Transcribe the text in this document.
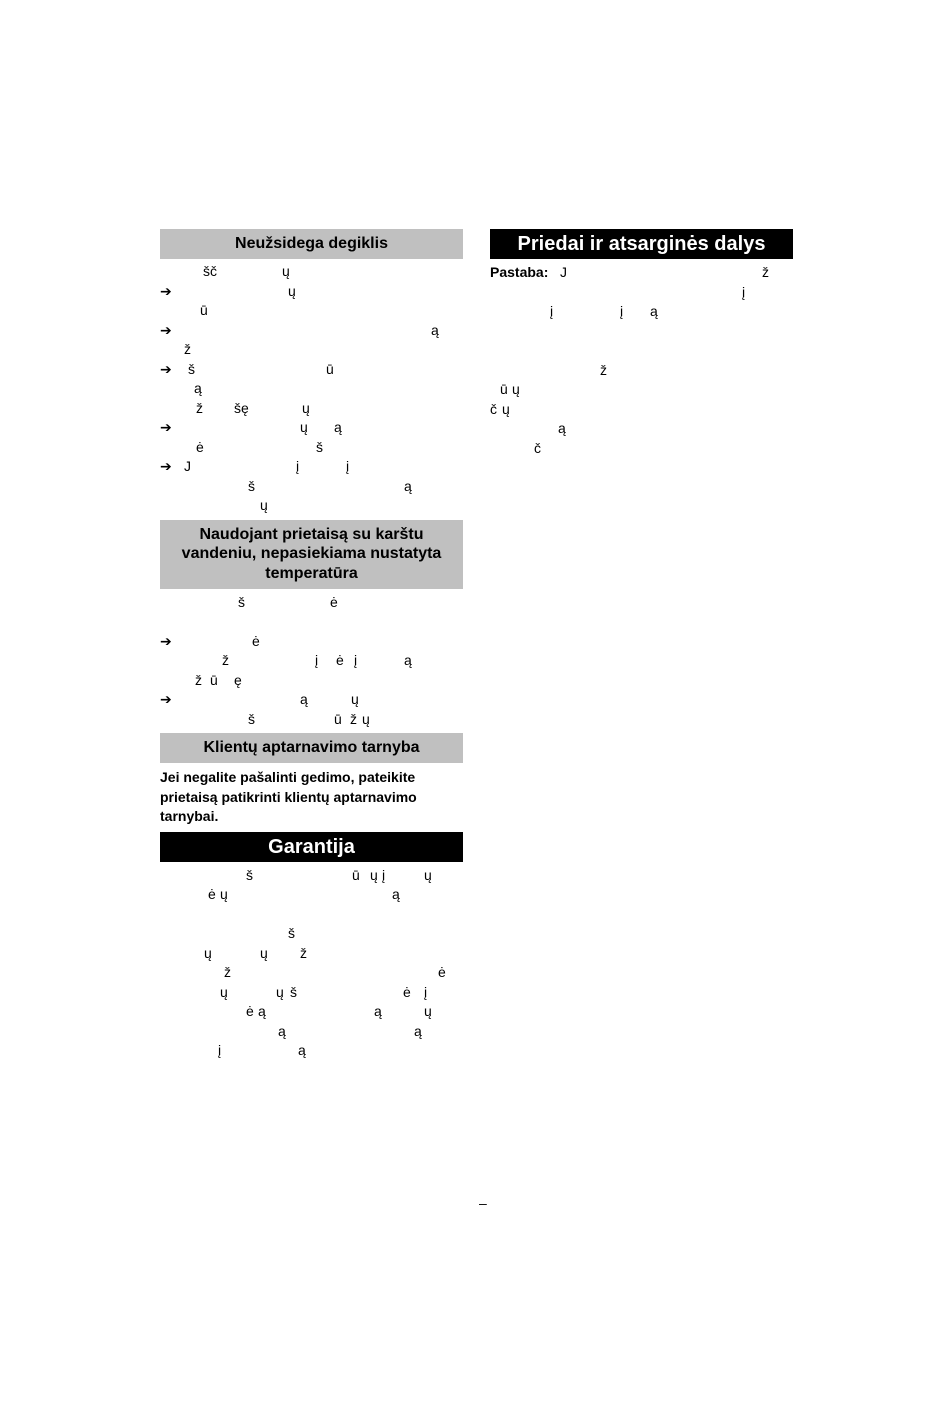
Neužsidega degiklis
šč	ų
➔	ų
ū
➔	ą
ž
➔ š	ū
ą
ž šę	ų
➔	ų ą
ė	š
➔ J	į	į
š	ą
ų
Naudojant prietaisą su karštu vandeniu, nepasiekiama nustatyta temperatūra
š	ė
➔	ė
ž	į ė į	ą
ž ū ę
➔	ą	ų
š	ū ž ų
Klientų aptarnavimo tarnyba
Jei negalite pašalinti gedimo, pateikite prietaisą patikrinti klientų aptarnavimo tarnybai.
Garantija
š	ū ų į	ų
ė ų	ą
š
ų	ų ž
ž	ė
ų	ų š	ė į
ė ą	ą	ų
ą	ą
į	ą
Priedai ir atsarginės dalys
Pastaba: J	ž
į
į	į ą
ž
ū ų
č ų
ą
č
–
